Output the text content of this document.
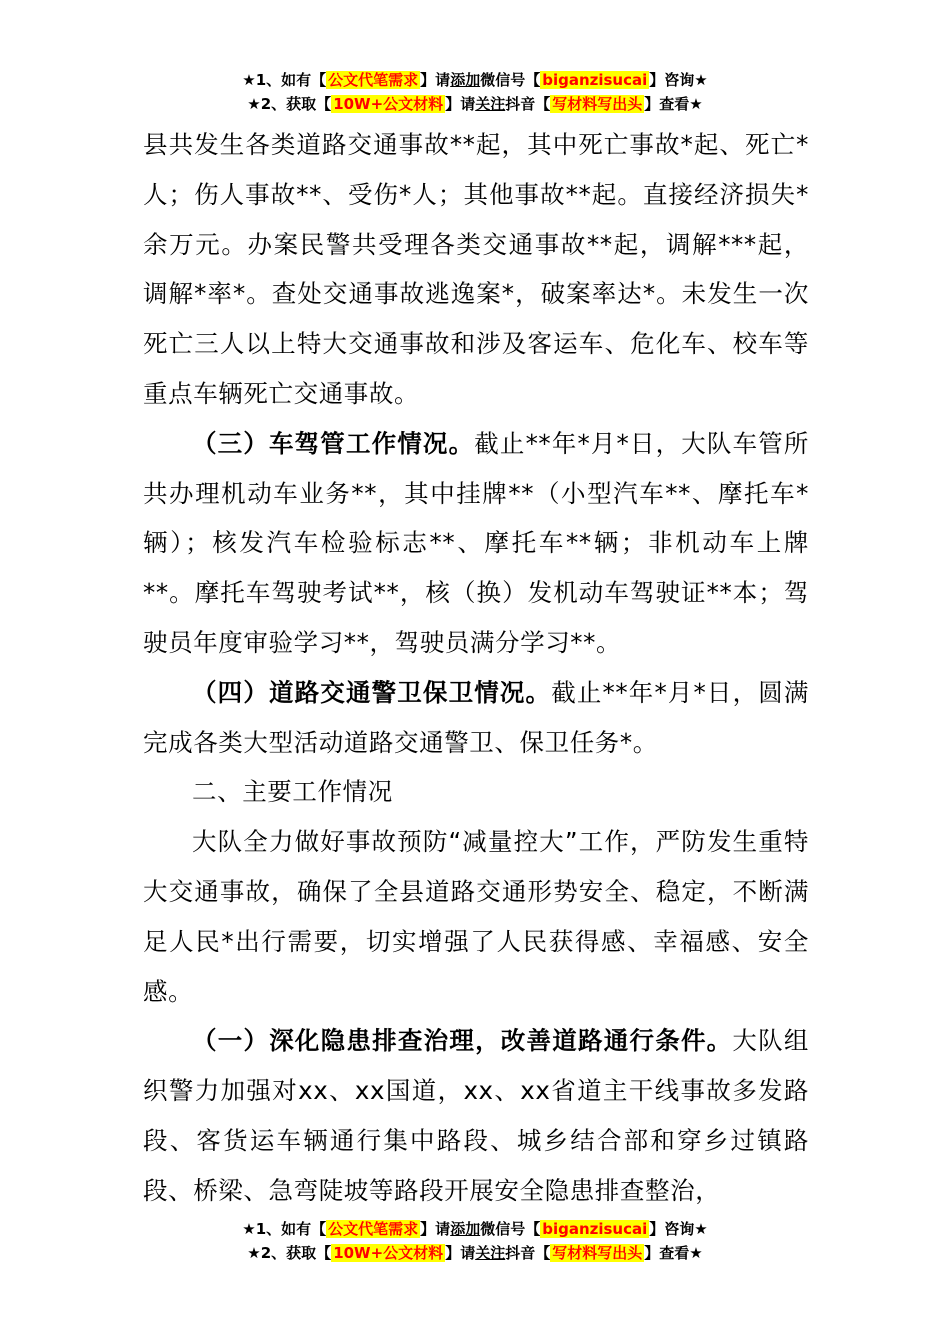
★1、如有【 公文代笔需求 】请添加微信号【 biganzisucai 】咨询★
★2、获取【 10W+公文材料 】请关注抖音【 写材料写出头 】查看★

县共发生各类道路交通事故**起，其中死亡事故*起、死亡*人；伤人事故**、受伤*人；其他事故**起。直接经济损失*余万元。办案民警共受理各类交通事故**起，调解***起，调解*率*。查处交通事故逃逸案*，破案率达*。未发生一次死亡三人以上特大交通事故和涉及客运车、危化车、校车等重点车辆死亡交通事故。

（三）车驾管工作情况。截止**年*月*日，大队车管所共办理机动车业务**，其中挂牌**（小型汽车**、摩托车*辆）；核发汽车检验标志**、摩托车**辆；非机动车上牌**。摩托车驾驶考试**，核（换）发机动车驾驶证**本；驾驶员年度审验学习**，驾驶员满分学习**。

（四）道路交通警卫保卫情况。截止**年*月*日，圆满完成各类大型活动道路交通警卫、保卫任务*。

二、主要工作情况

大队全力做好事故预防“减量控大”工作，严防发生重特大交通事故，确保了全县道路交通形势安全、稳定，不断满足人民*出行需要，切实增强了人民获得感、幸福感、安全感。

（一）深化隐患排查治理，改善道路通行条件。大队组织警力加强对xx、xx国道，xx、xx省道主干线事故多发路段、客货运车辆通行集中路段、城乡结合部和穿乡过镇路段、桥梁、急弯陡坡等路段开展安全隐患排查整治，

★1、如有【 公文代笔需求 】请添加微信号【 biganzisucai 】咨询★
★2、获取【 10W+公文材料 】请关注抖音【 写材料写出头 】查看★
